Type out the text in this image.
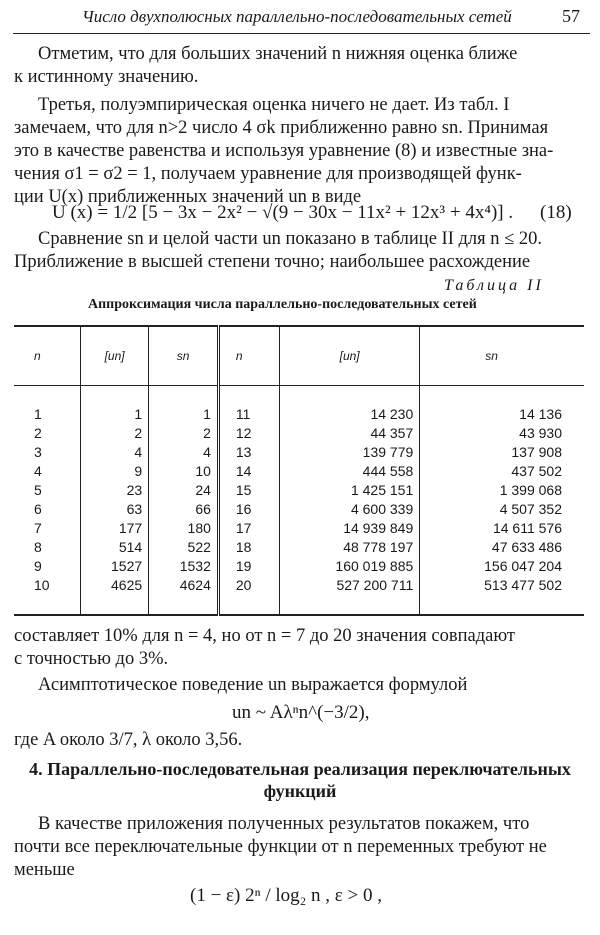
Число двухполюсных параллельно-последовательных сетей	57
Отметим, что для больших значений n нижняя оценка ближе
к истинному значению.
Третья, полуэмпирическая оценка ничего не дает. Из табл. I
замечаем, что для n>2 число 4 σk приближенно равно sn. Принимая
это в качестве равенства и используя уравнение (8) и известные зна-
чения σ1 = σ2 = 1, получаем уравнение для производящей функ-
ции U(x) приближенных значений un в виде
U (x) = 1/2 [5 − 3x − 2x² − √(9 − 30x − 11x² + 12x³ + 4x⁴)] . (18)
Сравнение sn и целой части un показано в таблице II для n ≤ 20.
Приближение в высшей степени точно; наибольшее расхождение
Таблица II
Аппроксимация числа параллельно-последовательных сетей
n	[un]	sn	n	[un]	sn
1	1	1	11	14 230	14 136
2	2	2	12	44 357	43 930
3	4	4	13	139 779	137 908
4	9	10	14	444 558	437 502
5	23	24	15	1 425 151	1 399 068
6	63	66	16	4 600 339	4 507 352
7	177	180	17	14 939 849	14 611 576
8	514	522	18	48 778 197	47 633 486
9	1527	1532	19	160 019 885	156 047 204
10	4625	4624	20	527 200 711	513 477 502
составляет 10% для n = 4, но от n = 7 до 20 значения совпадают
с точностью до 3%.
Асимптотическое поведение un выражается формулой
un ~ Aλⁿn^(−3/2),
где A около 3/7, λ около 3,56.
4. Параллельно-последовательная реализация переключательных функций
В качестве приложения полученных результатов покажем, что
почти все переключательные функции от n переменных требуют не
меньше
(1 − ε) 2ⁿ / log₂ n , ε > 0 ,
